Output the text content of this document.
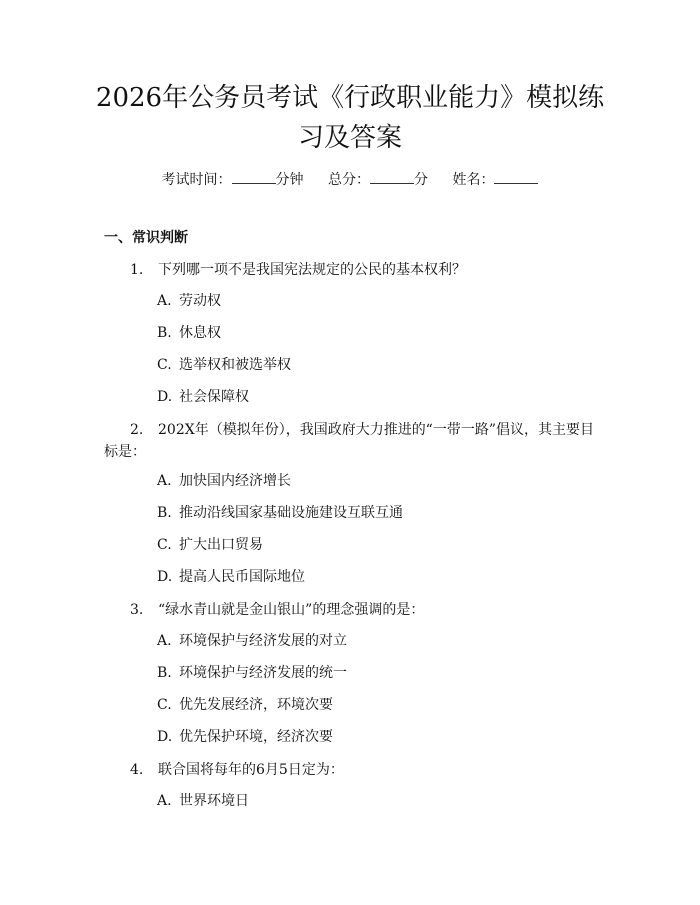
2026年公务员考试《行政职业能力》模拟练习及答案
考试时间：	分钟 总分：	分 姓名：
一、常识判断
1. 下列哪一项不是我国宪法规定的公民的基本权利？
A. 劳动权
B. 休息权
C. 选举权和被选举权
D. 社会保障权
2. 202X年（模拟年份），我国政府大力推进的“一带一路”倡议，其主要目标是：
A. 加快国内经济增长
B. 推动沿线国家基础设施建设互联互通
C. 扩大出口贸易
D. 提高人民币国际地位
3. “绿水青山就是金山银山”的理念强调的是：
A. 环境保护与经济发展的对立
B. 环境保护与经济发展的统一
C. 优先发展经济，环境次要
D. 优先保护环境，经济次要
4. 联合国将每年的6月5日定为：
A. 世界环境日
